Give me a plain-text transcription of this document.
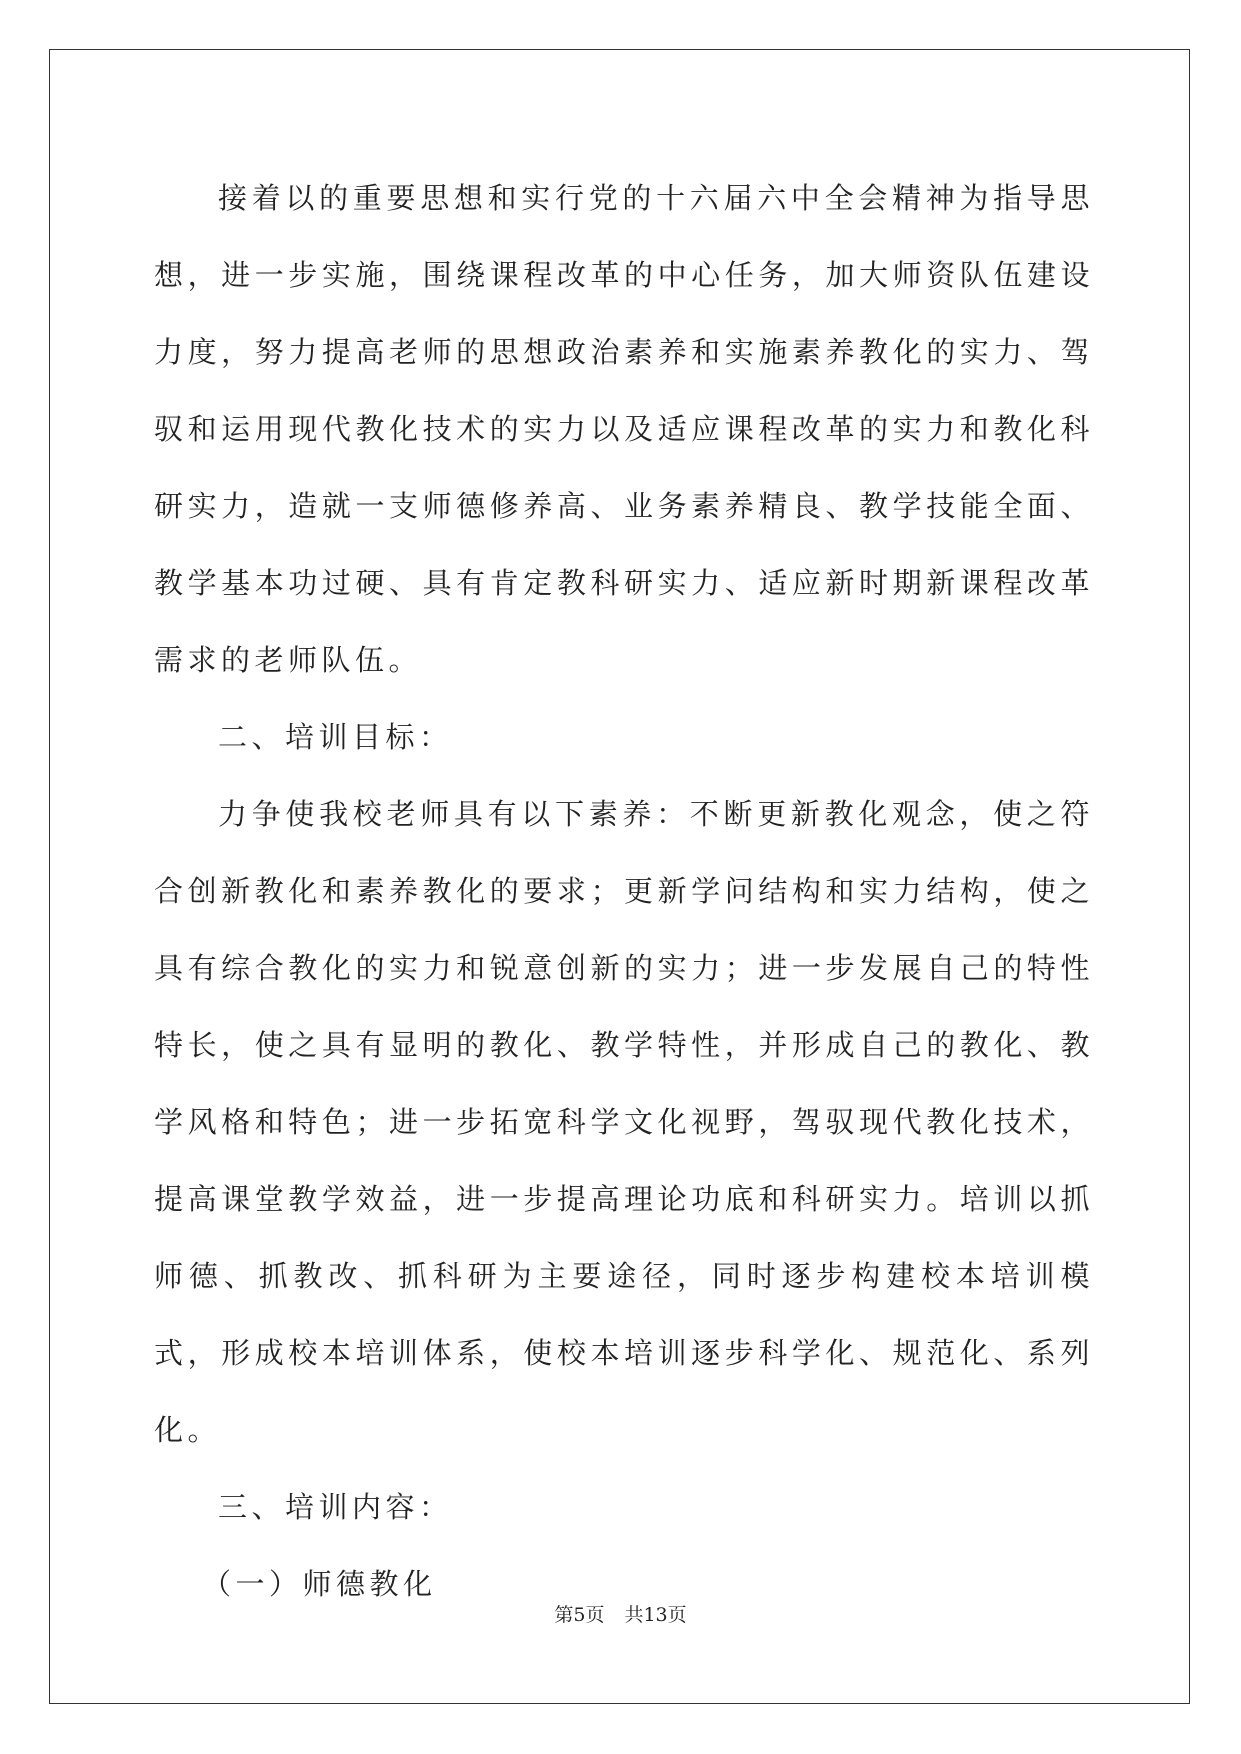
接着以的重要思想和实行党的十六届六中全会精神为指导思想，进一步实施，围绕课程改革的中心任务，加大师资队伍建设力度，努力提高老师的思想政治素养和实施素养教化的实力、驾驭和运用现代教化技术的实力以及适应课程改革的实力和教化科研实力，造就一支师德修养高、业务素养精良、教学技能全面、教学基本功过硬、具有肯定教科研实力、适应新时期新课程改革需求的老师队伍。

二、培训目标：

力争使我校老师具有以下素养：不断更新教化观念，使之符合创新教化和素养教化的要求；更新学问结构和实力结构，使之具有综合教化的实力和锐意创新的实力；进一步发展自己的特性特长，使之具有显明的教化、教学特性，并形成自己的教化、教学风格和特色；进一步拓宽科学文化视野，驾驭现代教化技术，提高课堂教学效益，进一步提高理论功底和科研实力。培训以抓师德、抓教改、抓科研为主要途径，同时逐步构建校本培训模式，形成校本培训体系，使校本培训逐步科学化、规范化、系列化。

三、培训内容：

（一）师德教化

第5页 共13页
